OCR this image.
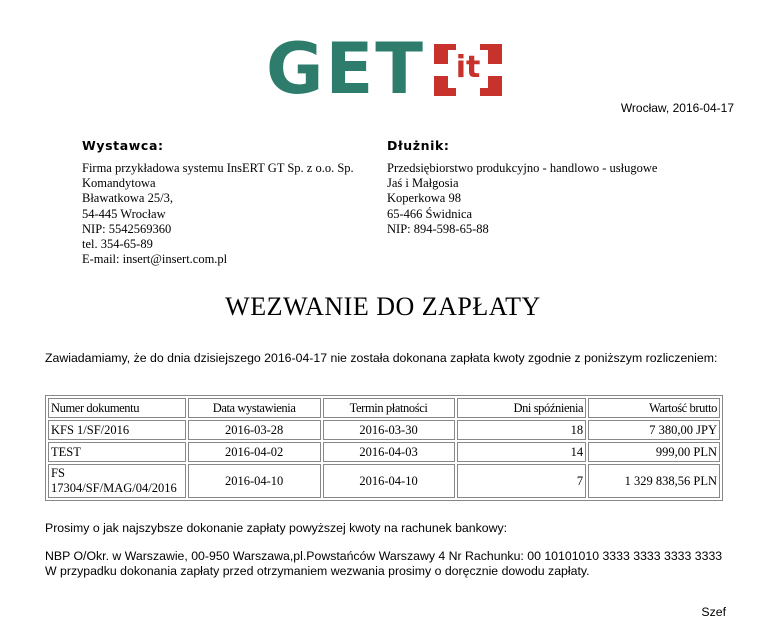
GET it
Wrocław, 2016-04-17
Wystawca:
Firma przykładowa systemu InsERT GT Sp. z o.o. Sp.
Komandytowa
Bławatkowa 25/3,
54-445 Wrocław
NIP: 5542569360
tel. 354-65-89
E-mail: insert@insert.com.pl
Dłużnik:
Przedsiębiorstwo produkcyjno - handlowo - usługowe
Jaś i Małgosia
Koperkowa 98
65-466 Świdnica
NIP: 894-598-65-88
WEZWANIE DO ZAPŁATY
Zawiadamiamy, że do dnia dzisiejszego 2016-04-17 nie została dokonana zapłata kwoty zgodnie z poniższym rozliczeniem:
Numer dokumentu	Data wystawienia	Termin płatności	Dni spóźnienia	Wartość brutto
KFS 1/SF/2016	2016-03-28	2016-03-30	18	7 380,00 JPY
TEST	2016-04-02	2016-04-03	14	999,00 PLN
FS 17304/SF/MAG/04/2016	2016-04-10	2016-04-10	7	1 329 838,56 PLN
Prosimy o jak najszybsze dokonanie zapłaty powyższej kwoty na rachunek bankowy:
NBP O/Okr. w Warszawie, 00-950 Warszawa,pl.Powstańców Warszawy 4 Nr Rachunku: 00 10101010 3333 3333 3333 3333
W przypadku dokonania zapłaty przed otrzymaniem wezwania prosimy o doręcznie dowodu zapłaty.
Szef
